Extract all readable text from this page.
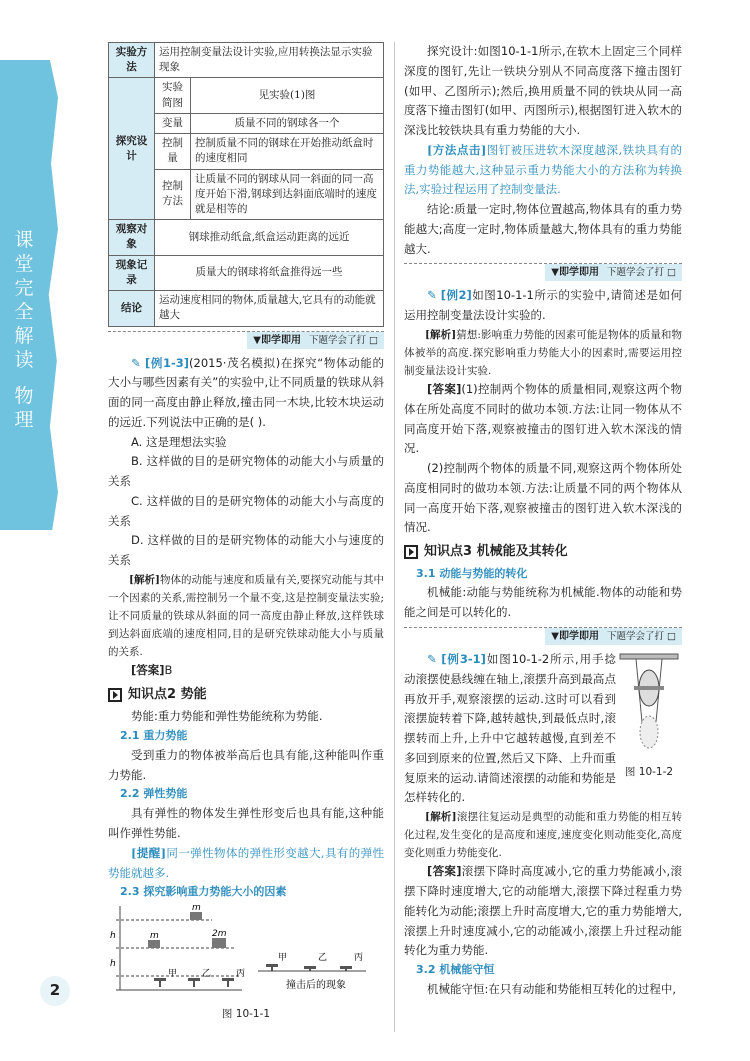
课
堂
完
全
解
读
物
理
2
实验方法	运用控制变量法设计实验,应用转换法显示实验现象	
探究设计	实验简图	见实验(1)图
	变量	质量不同的钢球各一个
	控制量	控制质量不同的钢球在开始推动纸盒时的速度相同
	控制方法	让质量不同的钢球从同一斜面的同一高度开始下滑,钢球到达斜面底端时的速度就是相等的
观察对象	钢球推动纸盒,纸盒运动距离的远近	
现象记录	质量大的钢球将纸盒推得远一些	
结论	运动速度相同的物体,质量越大,它具有的动能就越大	
▼即学即用 下题学会了打 □

✎ [例1-3](2015·茂名模拟)在探究“物体动能的大小与哪些因素有关”的实验中,让不同质量的铁球从斜面的同一高度由静止释放,撞击同一木块,比较木块运动的远近.下列说法中正确的是( ).

A. 这是理想法实验

B. 这样做的目的是研究物体的动能大小与质量的关系

C. 这样做的目的是研究物体的动能大小与高度的关系

D. 这样做的目的是研究物体的动能大小与速度的关系

[解析]物体的动能与速度和质量有关,要探究动能与其中一个因素的关系,需控制另一个量不变,这是控制变量法实验;让不同质量的铁球从斜面的同一高度由静止释放,这样铁球到达斜面底端的速度相同,目的是研究铁球动能大小与质量的关系.

[答案]B

知识点2 势能

势能:重力势能和弹性势能统称为势能.

2.1 重力势能

受到重力的物体被举高后也具有能,这种能叫作重力势能.

2.2 弹性势能

具有弹性的物体发生弹性形变后也具有能,这种能叫作弹性势能.

[提醒]同一弹性物体的弹性形变越大,具有的弹性势能就越多.

2.3 探究影响重力势能大小的因素
m
m	2m
h
h
甲	乙	丙
甲	乙	丙
撞击后的现象
图 10-1-1

探究设计:如图10-1-1所示,在软木上固定三个同样深度的图钉,先让一铁块分别从不同高度落下撞击图钉(如甲、乙图所示);然后,换用质量不同的铁块从同一高度落下撞击图钉(如甲、丙图所示),根据图钉进入软木的深浅比较铁块具有重力势能的大小.

[方法点击]图钉被压进软木深度越深,铁块具有的重力势能越大,这种显示重力势能大小的方法称为转换法,实验过程运用了控制变量法.

结论:质量一定时,物体位置越高,物体具有的重力势能越大;高度一定时,物体质量越大,物体具有的重力势能越大.

▼即学即用 下题学会了打 □

✎ [例2]如图10-1-1所示的实验中,请简述是如何运用控制变量法设计实验的.

[解析]猜想:影响重力势能的因素可能是物体的质量和物体被举的高度.探究影响重力势能大小的因素时,需要运用控制变量法设计实验.

[答案](1)控制两个物体的质量相同,观察这两个物体在所处高度不同时的做功本领.方法:让同一物体从不同高度开始下落,观察被撞击的图钉进入软木深浅的情况.

(2)控制两个物体的质量不同,观察这两个物体所处高度相同时的做功本领.方法:让质量不同的两个物体从同一高度开始下落,观察被撞击的图钉进入软木深浅的情况.

知识点3 机械能及其转化
3.1 动能与势能的转化

机械能:动能与势能统称为机械能.物体的动能和势能之间是可以转化的.

▼即学即用 下题学会了打 □

✎ [例3-1]如图10-1-2所示,用手捻动滚摆使悬线缠在轴上,滚摆升高到最高点再放开手,观察滚摆的运动.这时可以看到滚摆旋转着下降,越转越快,到最低点时,滚摆转而上升,上升中它越转越慢,直到差不多回到原来的位置,然后又下降、上升而重复原来的运动.请简述滚摆的动能和势能是怎样转化的.

图 10-1-2

[解析]滚摆往复运动是典型的动能和重力势能的相互转化过程,发生变化的是高度和速度,速度变化则动能变化,高度变化则重力势能变化.

[答案]滚摆下降时高度减小,它的重力势能减小,滚摆下降时速度增大,它的动能增大,滚摆下降过程重力势能转化为动能;滚摆上升时高度增大,它的重力势能增大,滚摆上升时速度减小,它的动能减小,滚摆上升过程动能转化为重力势能.

3.2 机械能守恒

机械能守恒:在只有动能和势能相互转化的过程中,
